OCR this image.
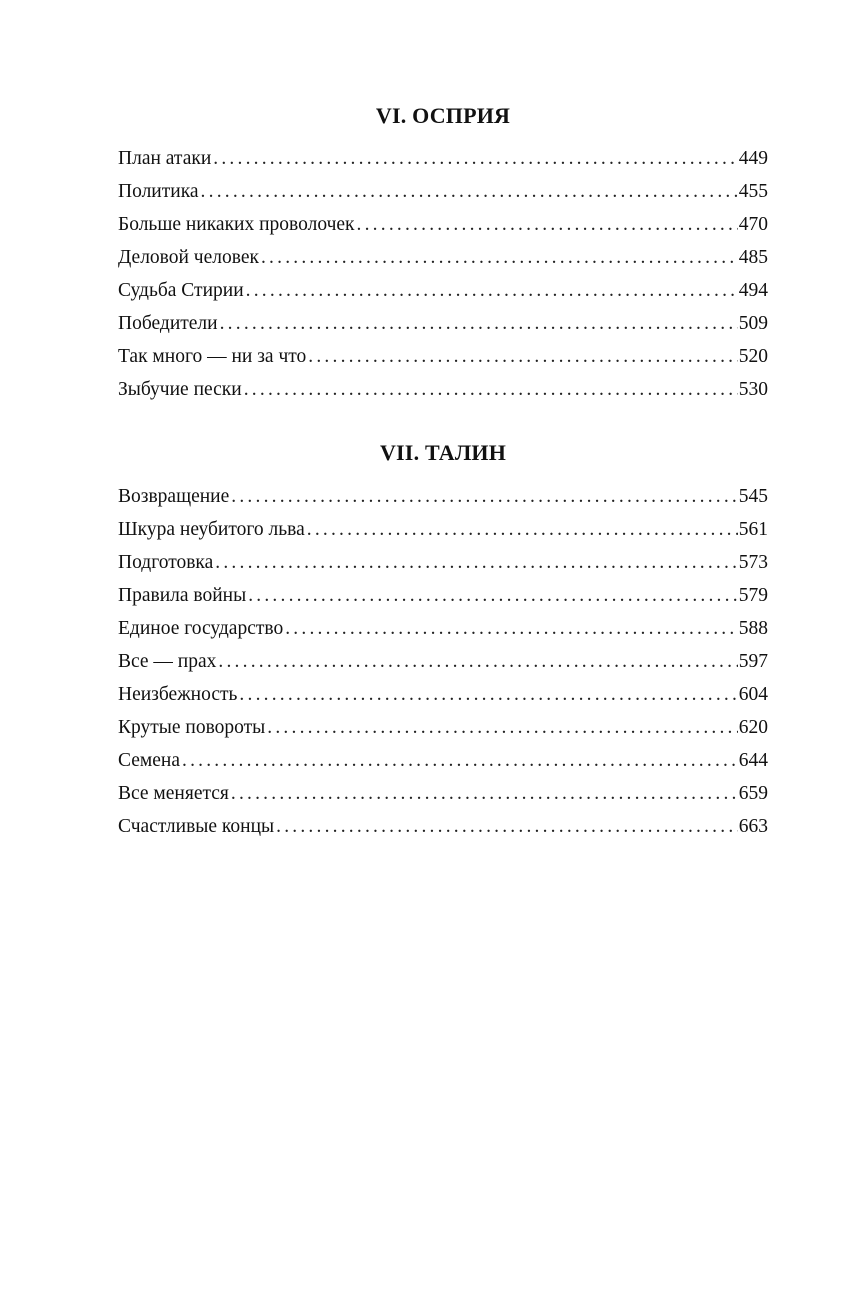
VI. ОСПРИЯ
План атаки .....	449
Политика .....	455
Больше никаких проволочек .....	470
Деловой человек .....	485
Судьба Стирии .....	494
Победители .....	509
Так много — ни за что .....	520
Зыбучие пески .....	530
VII. ТАЛИН
Возвращение .....	545
Шкура неубитого льва .....	561
Подготовка .....	573
Правила войны .....	579
Единое государство .....	588
Все — прах .....	597
Неизбежность .....	604
Крутые повороты .....	620
Семена .....	644
Все меняется .....	659
Счастливые концы .....	663
